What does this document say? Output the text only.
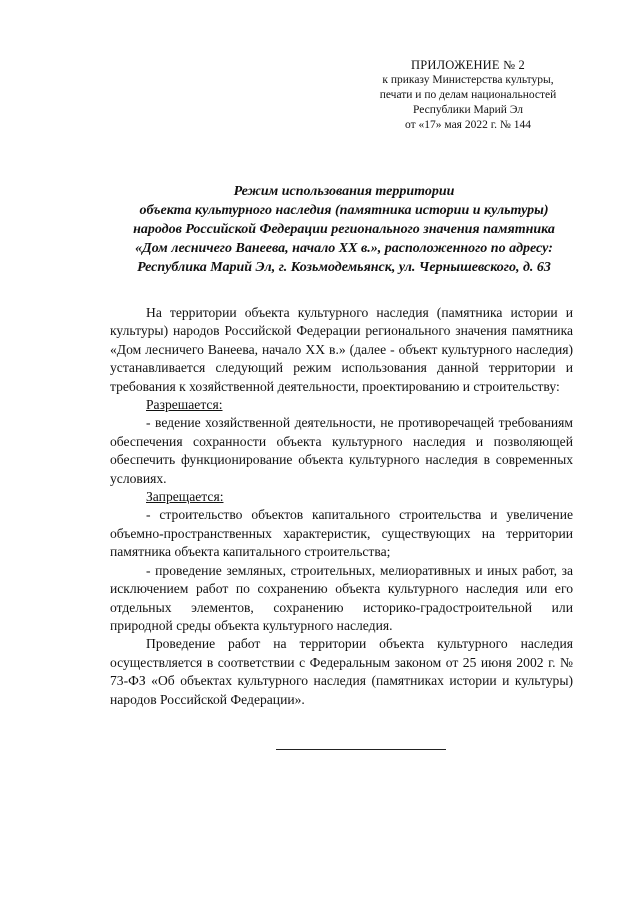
ПРИЛОЖЕНИЕ № 2
к приказу Министерства культуры,
печати и по делам национальностей
Республики Марий Эл
от «17» мая 2022 г. № 144
Режим использования территории
объекта культурного наследия (памятника истории и культуры)
народов Российской Федерации регионального значения памятника
«Дом лесничего Ванеева, начало XX в.», расположенного по адресу:
Республика Марий Эл, г. Козьмодемьянск, ул. Чернышевского, д. 63

На территории объекта культурного наследия (памятника истории и культуры) народов Российской Федерации регионального значения памятника «Дом лесничего Ванеева, начало XX в.» (далее - объект культурного наследия) устанавливается следующий режим использования данной территории и требования к хозяйственной деятельности, проектированию и строительству:

Разрешается:

- ведение хозяйственной деятельности, не противоречащей требованиям обеспечения сохранности объекта культурного наследия и позволяющей обеспечить функционирование объекта культурного наследия в современных условиях.

Запрещается:

- строительство объектов капитального строительства и увеличение объемно-пространственных характеристик, существующих на территории памятника объекта капитального строительства;

- проведение земляных, строительных, мелиоративных и иных работ, за исключением работ по сохранению объекта культурного наследия или его отдельных элементов, сохранению историко-градостроительной или природной среды объекта культурного наследия.

Проведение работ на территории объекта культурного наследия осуществляется в соответствии с Федеральным законом от 25 июня 2002 г. № 73-ФЗ «Об объектах культурного наследия (памятниках истории и культуры) народов Российской Федерации».
